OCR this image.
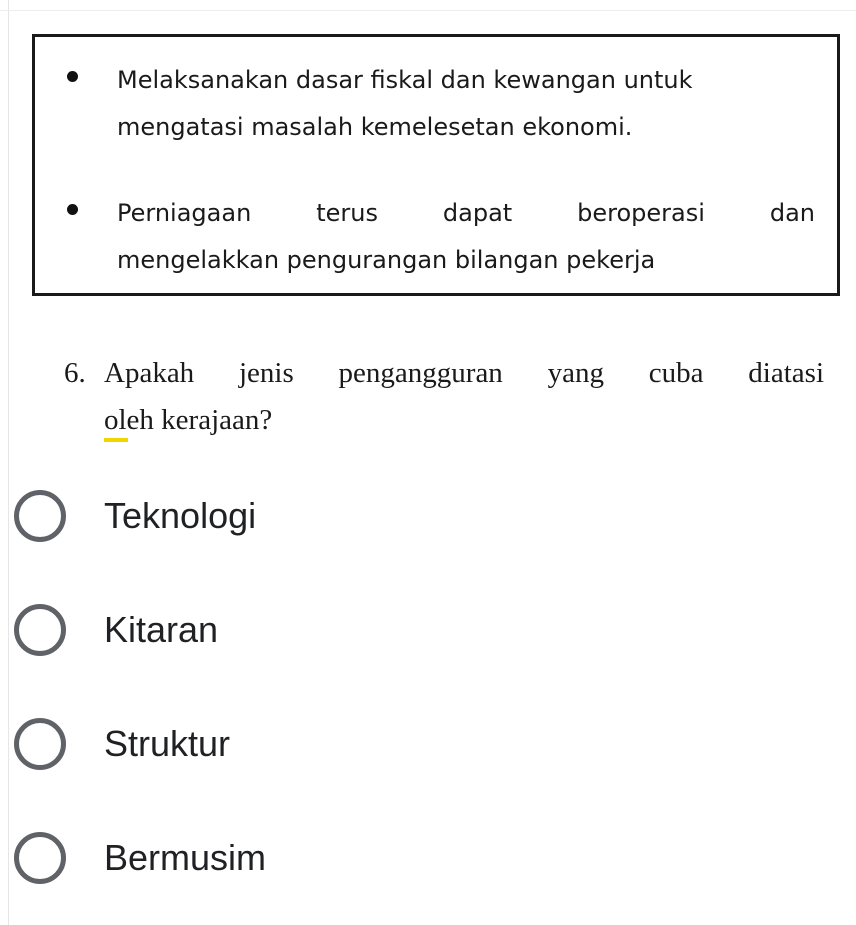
Melaksanakan dasar fiskal dan kewangan untuk
mengatasi masalah kemelesetan ekonomi.
Perniagaan terus dapat beroperasi dan
mengelakkan pengurangan bilangan pekerja
6. Apakah jenis pengangguran yang cuba diatasi
oleh kerajaan?
Teknologi
Kitaran
Struktur
Bermusim
